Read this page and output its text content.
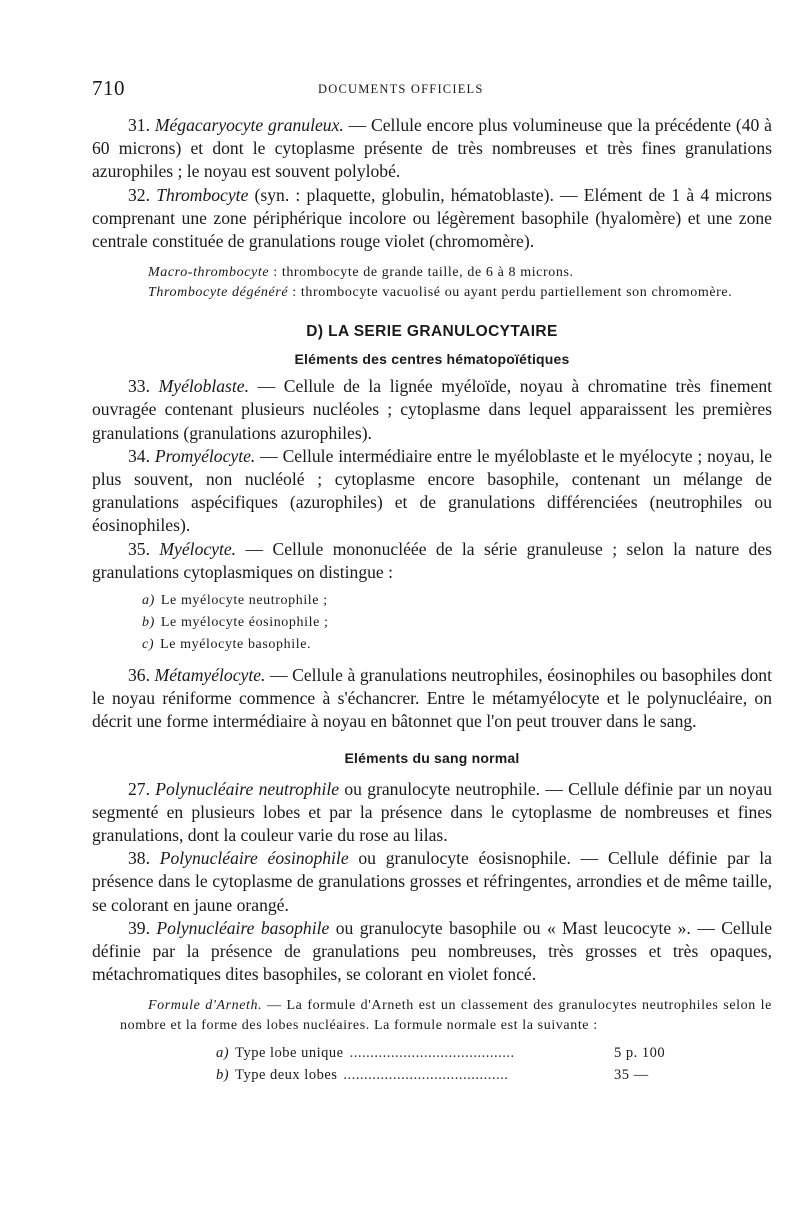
710	DOCUMENTS OFFICIELS

31. Mégacaryocyte granuleux. — Cellule encore plus volumineuse que la précédente (40 à 60 microns) et dont le cytoplasme présente de très nombreuses et très fines granulations azurophiles ; le noyau est souvent polylobé.

32. Thrombocyte (syn. : plaquette, globulin, hématoblaste). — Elément de 1 à 4 microns comprenant une zone périphérique incolore ou légèrement basophile (hyalomère) et une zone centrale constituée de granulations rouge violet (chromomère).

Macro-thrombocyte : thrombocyte de grande taille, de 6 à 8 microns.

Thrombocyte dégénéré : thrombocyte vacuolisé ou ayant perdu partiellement son chromomère.

D) LA SERIE GRANULOCYTAIRE

Eléments des centres hématopoïétiques

33. Myéloblaste. — Cellule de la lignée myéloïde, noyau à chromatine très finement ouvragée contenant plusieurs nucléoles ; cytoplasme dans lequel apparaissent les premières granulations (granulations azurophiles).

34. Promyélocyte. — Cellule intermédiaire entre le myéloblaste et le myélocyte ; noyau, le plus souvent, non nucléolé ; cytoplasme encore basophile, contenant un mélange de granulations aspécifiques (azurophiles) et de granulations différenciées (neutrophiles ou éosinophiles).

35. Myélocyte. — Cellule mononucléée de la série granuleuse ; selon la nature des granulations cytoplasmiques on distingue :

a) Le myélocyte neutrophile ;
b) Le myélocyte éosinophile ;
c) Le myélocyte basophile.

36. Métamyélocyte. — Cellule à granulations neutrophiles, éosinophiles ou basophiles dont le noyau réniforme commence à s'échancrer. Entre le métamyélocyte et le polynucléaire, on décrit une forme intermédiaire à noyau en bâtonnet que l'on peut trouver dans le sang.

Eléments du sang normal

27. Polynucléaire neutrophile ou granulocyte neutrophile. — Cellule définie par un noyau segmenté en plusieurs lobes et par la présence dans le cytoplasme de nombreuses et fines granulations, dont la couleur varie du rose au lilas.

38. Polynucléaire éosinophile ou granulocyte éosisnophile. — Cellule définie par la présence dans le cytoplasme de granulations grosses et réfringentes, arrondies et de même taille, se colorant en jaune orangé.

39. Polynucléaire basophile ou granulocyte basophile ou « Mast leucocyte ». — Cellule définie par la présence de granulations peu nombreuses, très grosses et très opaques, métachromatiques dites basophiles, se colorant en violet foncé.

Formule d'Arneth. — La formule d'Arneth est un classement des granulocytes neutrophiles selon le nombre et la forme des lobes nucléaires. La formule normale est la suivante :

a) Type lobe unique ........................................	5 p. 100
b) Type deux lobes ........................................	35 —
